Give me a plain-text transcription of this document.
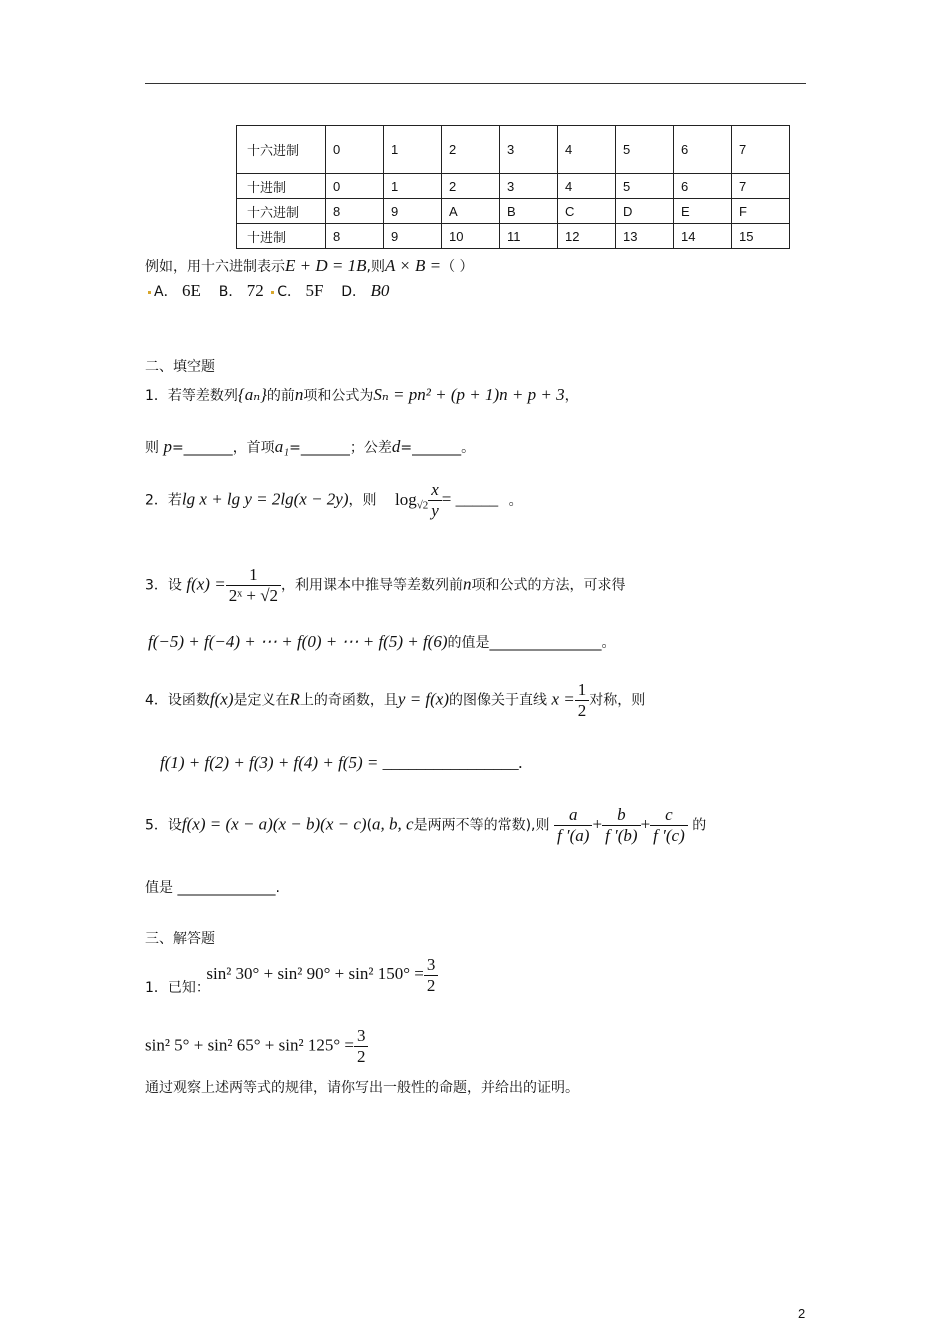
十六进制	0	1	2	3	4	5	6	7
十进制	0	1	2	3	4	5	6	7
十六进制	8	9	A	B	C	D	E	F
十进制	8	9	10	11	12	13	14	15
例如，用十六进制表示E + D = 1B,则A × B =（ ）
A． 6E B． 72 C． 5F D． B0
二、填空题
1．若等差数列{aₙ}的前n项和公式为Sₙ = pn² + (p + 1)n + p + 3，
则 p=_______，首项a₁=_______；公差d=_______。
2．若lg x + lg y = 2lg(x − 2y)，则 $\log_{√2} \frac{x}{y}$ = _____ 。
3．设 $f(x) = \frac{1}{\text{2ˣ + √2}}$ ，利用课本中推导等差数列前n项和公式的方法，可求得
f(−5) + f(−4) + ⋯ + f(0) + ⋯ + f(5) + f(6)的值是________________。
4．设函数f(x)是定义在R上的奇函数，且y = f(x)的图像关于直线 $x = \frac{1}{2}$ 对称，则
f(1) + f(2) + f(3) + f(4) + f(5) = ________________.
5．设f(x) = (x − a)(x − b)(x − c)(a, b, c是两两不等的常数),则 $\frac{a}{f '(a)} + \frac{b}{f '(b)} + \frac{c}{f '(c)}$ 的
值是 ______________.
三、解答题
1．已知： sin² 30° + sin² 90° + sin² $150^\circ = \frac{3}{2}$
sin² 5° + sin² 65° + sin² $125^\circ = \frac{3}{2}$
通过观察上述两等式的规律，请你写出一般性的命题，并给出的证明。
2
